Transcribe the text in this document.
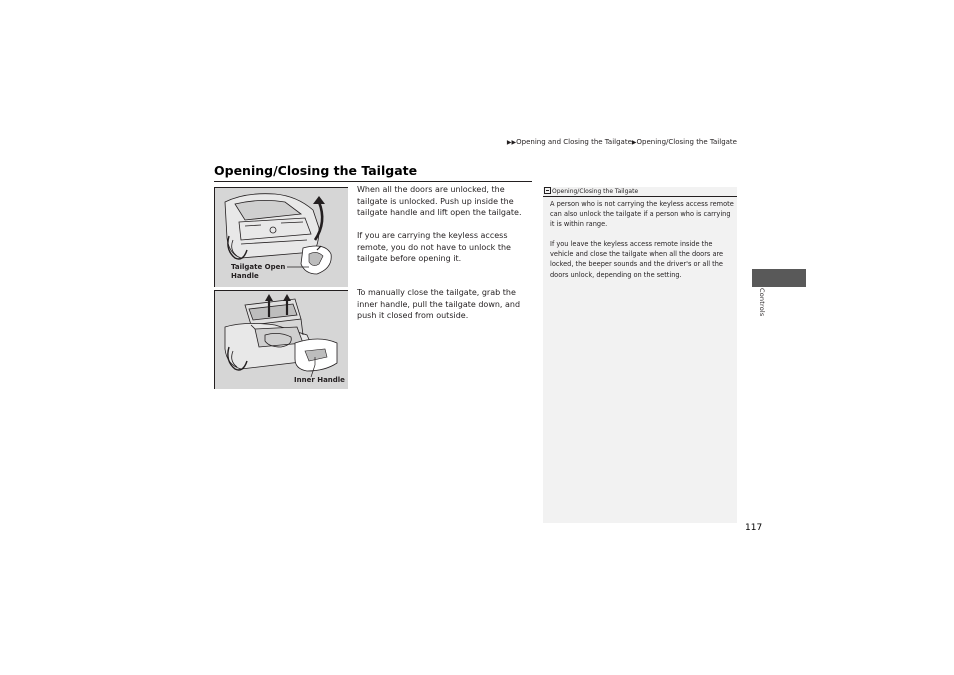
▶▶Opening and Closing the Tailgate▶Opening/Closing the Tailgate
Opening/Closing the Tailgate
Tailgate Open
Handle
Inner Handle

When all the doors are unlocked, the tailgate is unlocked. Push up inside the tailgate handle and lift open the tailgate.

If you are carrying the keyless access remote, you do not have to unlock the tailgate before opening it.

To manually close the tailgate, grab the inner handle, pull the tailgate down, and push it closed from outside.

Opening/Closing the Tailgate

A person who is not carrying the keyless access remote can also unlock the tailgate if a person who is carrying it is within range.

If you leave the keyless access remote inside the vehicle and close the tailgate when all the doors are locked, the beeper sounds and the driver's or all the doors unlock, depending on the setting.

Controls
117
